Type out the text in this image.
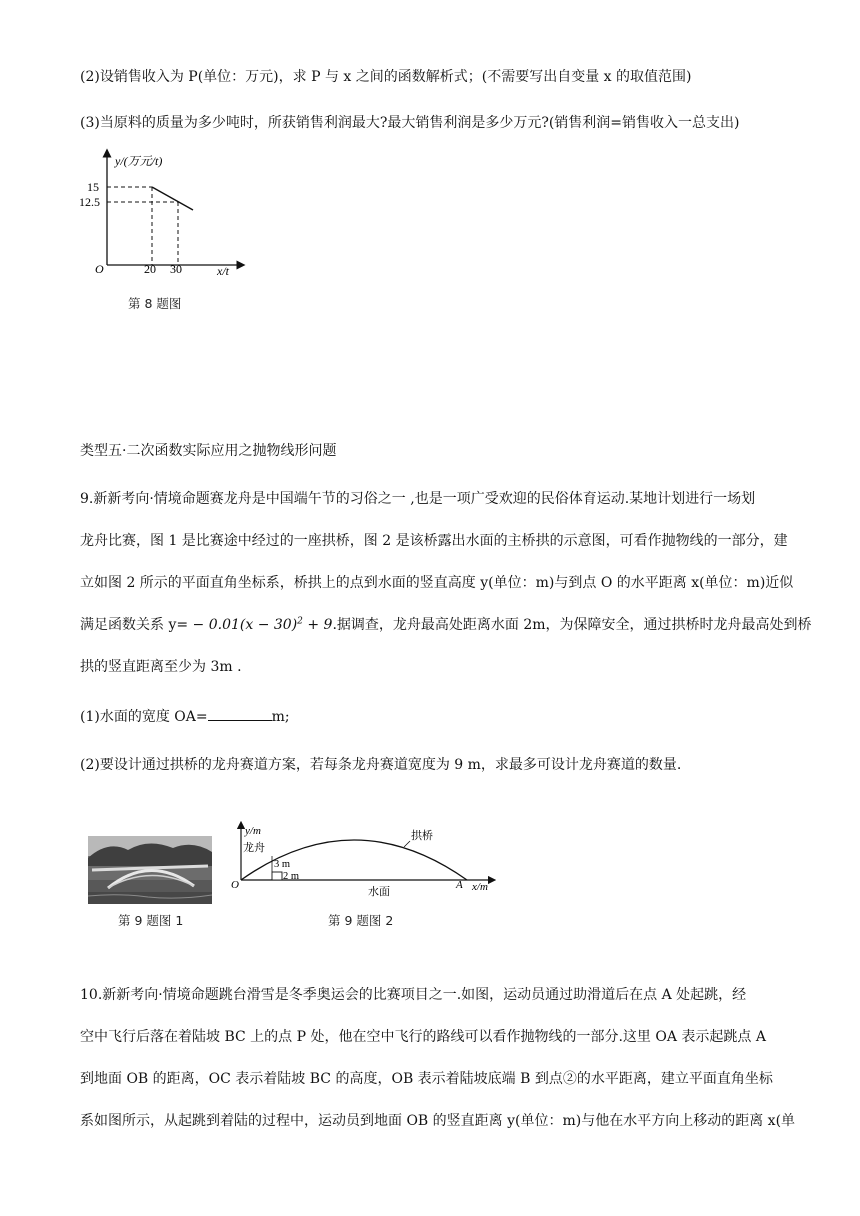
(2)设销售收入为 P(单位：万元)，求 P 与 x 之间的函数解析式；(不需要写出自变量 x 的取值范围)
(3)当原料的质量为多少吨时，所获销售利润最大?最大销售利润是多少万元?(销售利润=销售收入一总支出)
y/(万元/t)
x/t
O
15
12.5
20 30
第 8 题图
类型五·二次函数实际应用之抛物线形问题
9.新新考向·情境命题赛龙舟是中国端午节的习俗之一 ,也是一项广受欢迎的民俗体育运动.某地计划进行一场划
龙舟比赛，图 1 是比赛途中经过的一座拱桥，图 2 是该桥露出水面的主桥拱的示意图，可看作抛物线的一部分，建
立如图 2 所示的平面直角坐标系，桥拱上的点到水面的竖直高度 y(单位：m)与到点 O 的水平距离 x(单位：m)近似
满足函数关系 $y= - 0.01(x - 30)^2 + 9$.据调查，龙舟最高处距离水面 2m，为保障安全，通过拱桥时龙舟最高处到桥
拱的竖直距离至少为 3m .
(1)水面的宽度 OA=	m;
(2)要设计通过拱桥的龙舟赛道方案，若每条龙舟赛道宽度为 9 m，求最多可设计龙舟赛道的数量.
第 9 题图 1
y/m
x/m
O	A
拱桥
龙舟
3 m
2 m
水面
第 9 题图 2
10.新新考向·情境命题跳台滑雪是冬季奥运会的比赛项目之一.如图，运动员通过助滑道后在点 A 处起跳，经
空中飞行后落在着陆坡 BC 上的点 P 处，他在空中飞行的路线可以看作抛物线的一部分.这里 OA 表示起跳点 A
到地面 OB 的距离，OC 表示着陆坡 BC 的高度，OB 表示着陆坡底端 B 到点②的水平距离，建立平面直角坐标
系如图所示，从起跳到着陆的过程中，运动员到地面 OB 的竖直距离 y(单位：m)与他在水平方向上移动的距离 x(单
